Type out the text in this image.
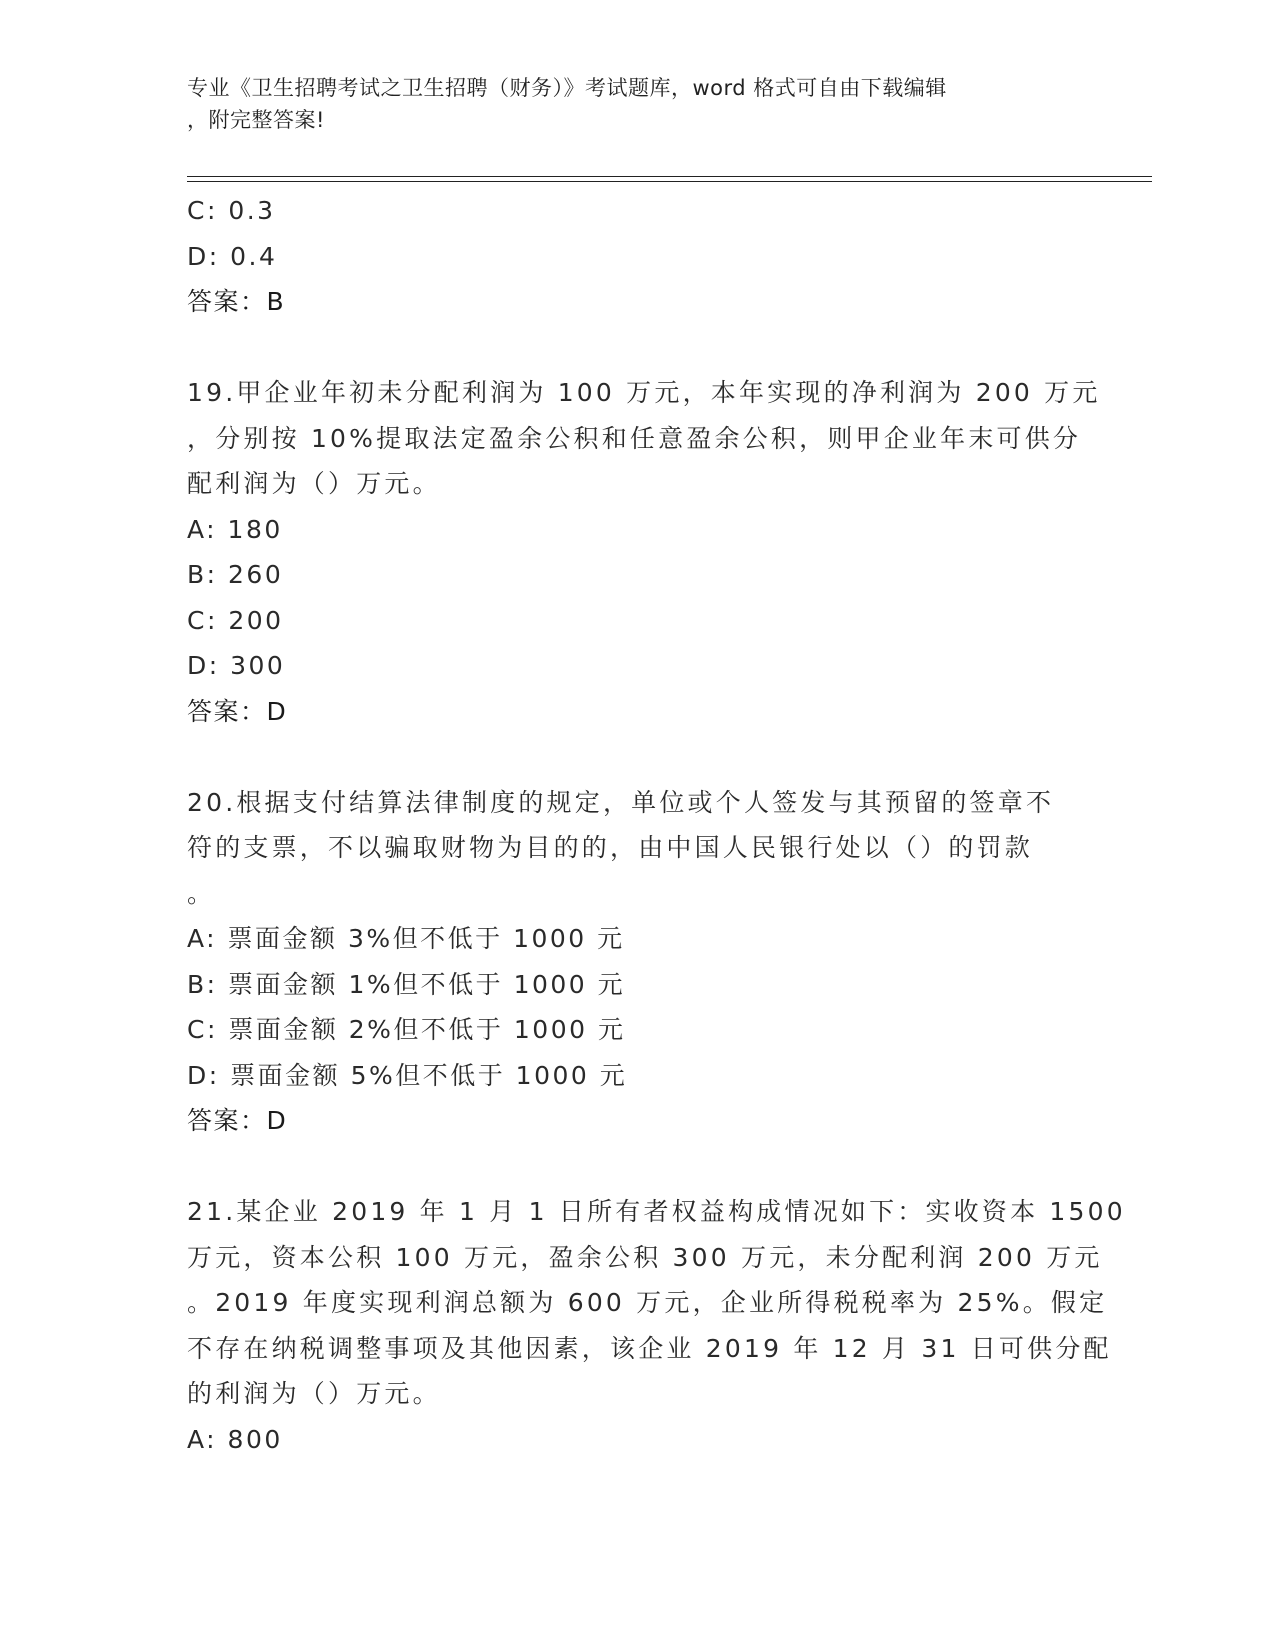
专业《卫生招聘考试之卫生招聘（财务）》考试题库，word 格式可自由下载编辑
，附完整答案!
C: 0.3
D: 0.4
答案：B
19.甲企业年初未分配利润为 100 万元，本年实现的净利润为 200 万元
，分别按 10%提取法定盈余公积和任意盈余公积，则甲企业年末可供分
配利润为（）万元。
A: 180
B: 260
C: 200
D: 300
答案：D
20.根据支付结算法律制度的规定，单位或个人签发与其预留的签章不
符的支票，不以骗取财物为目的的，由中国人民银行处以（）的罚款
。
A: 票面金额 3%但不低于 1000 元
B: 票面金额 1%但不低于 1000 元
C: 票面金额 2%但不低于 1000 元
D: 票面金额 5%但不低于 1000 元
答案：D
21.某企业 2019 年 1 月 1 日所有者权益构成情况如下：实收资本 1500
万元，资本公积 100 万元，盈余公积 300 万元，未分配利润 200 万元
。2019 年度实现利润总额为 600 万元，企业所得税税率为 25%。假定
不存在纳税调整事项及其他因素，该企业 2019 年 12 月 31 日可供分配
的利润为（）万元。
A: 800
